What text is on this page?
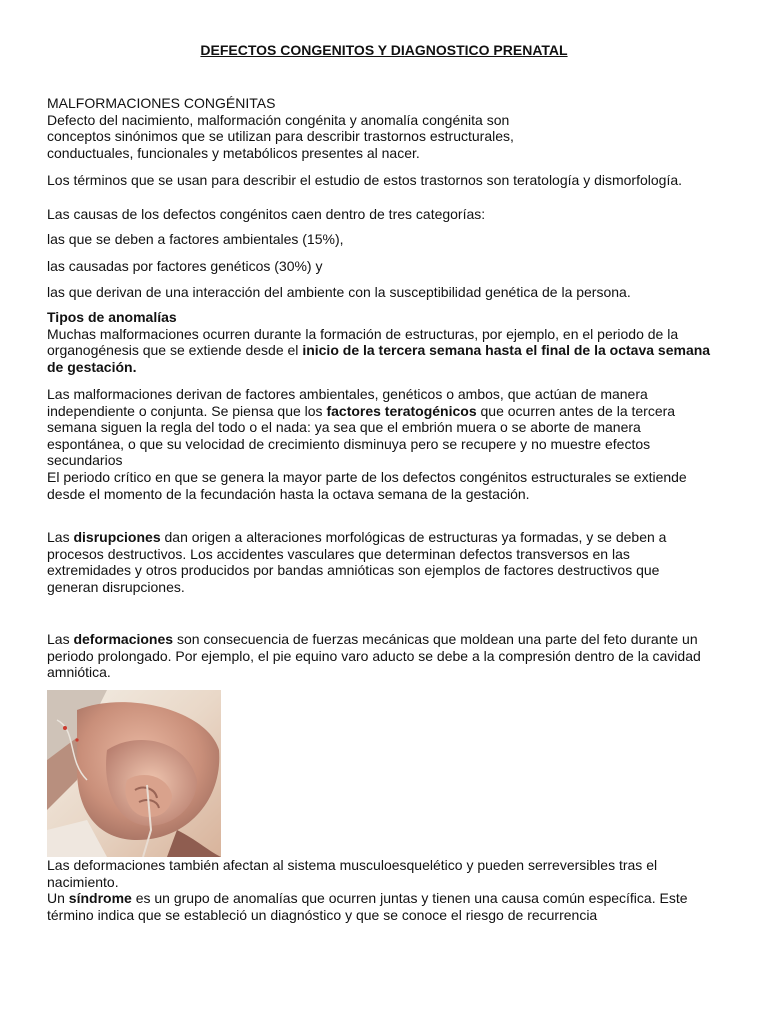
DEFECTOS CONGENITOS Y DIAGNOSTICO PRENATAL

MALFORMACIONES CONGÉNITAS

Defecto del nacimiento, malformación congénita y anomalía congénita son

conceptos sinónimos que se utilizan para describir trastornos estructurales,

conductuales, funcionales y metabólicos presentes al nacer.

Los términos que se usan para describir el estudio de estos trastornos son teratología y dismorfología.
Las causas de los defectos congénitos caen dentro de tres categorías:
las que se deben a factores ambientales (15%),
las causadas por factores genéticos (30%) y
las que derivan de una interacción del ambiente con la susceptibilidad genética de la persona.

Tipos de anomalías

Muchas malformaciones ocurren durante la formación de estructuras, por ejemplo, en el periodo de la

organogénesis que se extiende desde el inicio de la tercera semana hasta el final de la octava semana

de gestación.

Las malformaciones derivan de factores ambientales, genéticos o ambos, que actúan de manera

independiente o conjunta. Se piensa que los factores teratogénicos que ocurren antes de la tercera

semana siguen la regla del todo o el nada: ya sea que el embrión muera o se aborte de manera

espontánea, o que su velocidad de crecimiento disminuya pero se recupere y no muestre efectos

secundarios

El periodo crítico en que se genera la mayor parte de los defectos congénitos estructurales se extiende

desde el momento de la fecundación hasta la octava semana de la gestación.

Las disrupciones dan origen a alteraciones morfológicas de estructuras ya formadas, y se deben a

procesos destructivos. Los accidentes vasculares que determinan defectos transversos en las

extremidades y otros producidos por bandas amnióticas son ejemplos de factores destructivos que

generan disrupciones.

Las deformaciones son consecuencia de fuerzas mecánicas que moldean una parte del feto durante un

periodo prolongado. Por ejemplo, el pie equino varo aducto se debe a la compresión dentro de la cavidad

amniótica.

Las deformaciones también afectan al sistema musculoesquelético y pueden serreversibles tras el

nacimiento.

Un síndrome es un grupo de anomalías que ocurren juntas y tienen una causa común específica. Este

término indica que se estableció un diagnóstico y que se conoce el riesgo de recurrencia
